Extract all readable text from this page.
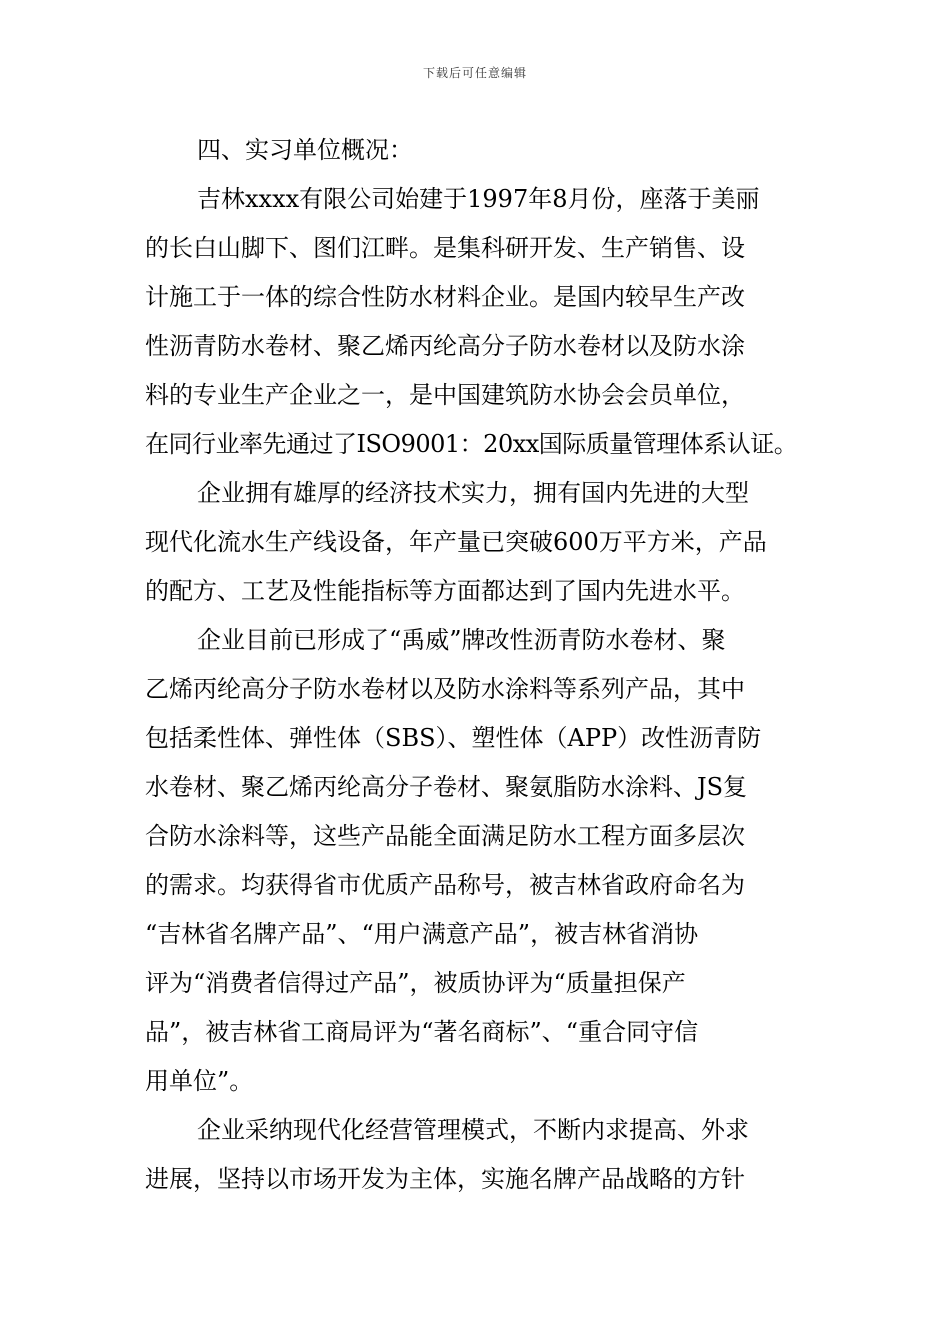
下载后可任意编辑

四、实习单位概况：

吉林xxxx有限公司始建于1997年8月份，座落于美丽
的长白山脚下、图们江畔。是集科研开发、生产销售、设
计施工于一体的综合性防水材料企业。是国内较早生产改
性沥青防水卷材、聚乙烯丙纶高分子防水卷材以及防水涂
料的专业生产企业之一，是中国建筑防水协会会员单位，
在同行业率先通过了ISO9001：20xx国际质量管理体系认证。

企业拥有雄厚的经济技术实力，拥有国内先进的大型
现代化流水生产线设备，年产量已突破600万平方米，产品
的配方、工艺及性能指标等方面都达到了国内先进水平。

企业目前已形成了“禹威”牌改性沥青防水卷材、聚
乙烯丙纶高分子防水卷材以及防水涂料等系列产品，其中
包括柔性体、弹性体（SBS）、塑性体（APP）改性沥青防
水卷材、聚乙烯丙纶高分子卷材、聚氨脂防水涂料、JS复
合防水涂料等，这些产品能全面满足防水工程方面多层次
的需求。均获得省市优质产品称号，被吉林省政府命名为
“吉林省名牌产品”、“用户满意产品”，被吉林省消协
评为“消费者信得过产品”，被质协评为“质量担保产
品”，被吉林省工商局评为“著名商标”、“重合同守信
用单位”。

企业采纳现代化经营管理模式，不断内求提高、外求
进展，坚持以市场开发为主体，实施名牌产品战略的方针
